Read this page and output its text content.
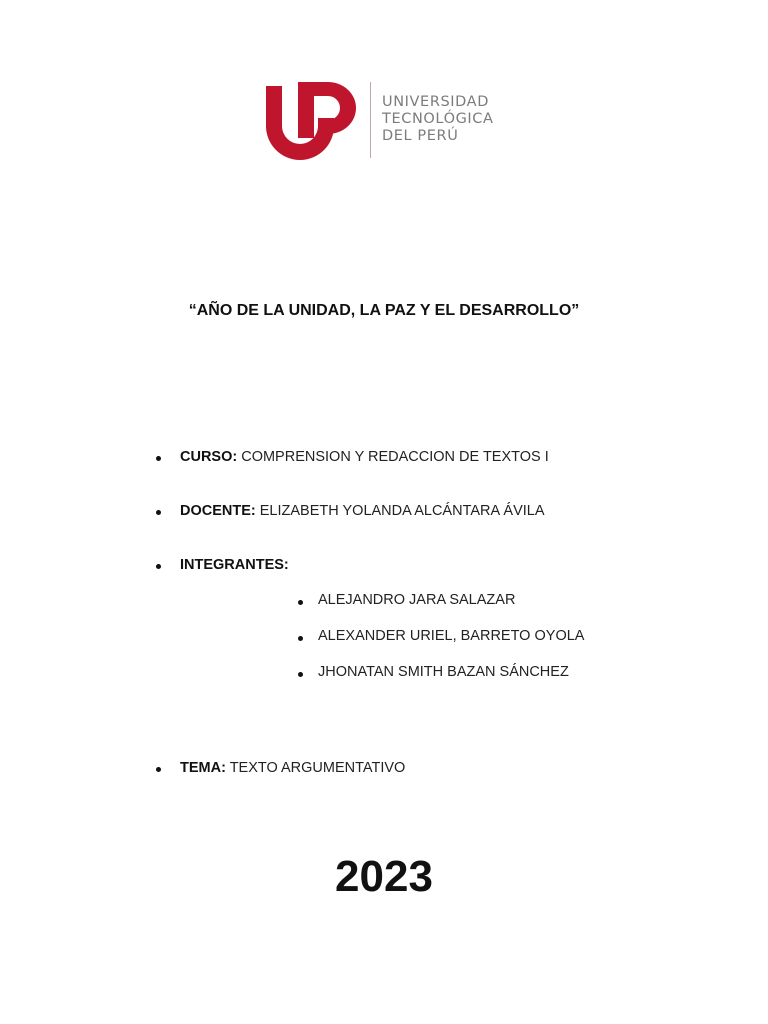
UNIVERSIDAD
TECNOLÓGICA
DEL PERÚ
“AÑO DE LA UNIDAD, LA PAZ Y EL DESARROLLO”
CURSO: COMPRENSION Y REDACCION DE TEXTOS I
DOCENTE: ELIZABETH YOLANDA ALCÁNTARA ÁVILA
INTEGRANTES:
ALEJANDRO JARA SALAZAR
ALEXANDER URIEL, BARRETO OYOLA
JHONATAN SMITH BAZAN SÁNCHEZ
TEMA: TEXTO ARGUMENTATIVO
2023
